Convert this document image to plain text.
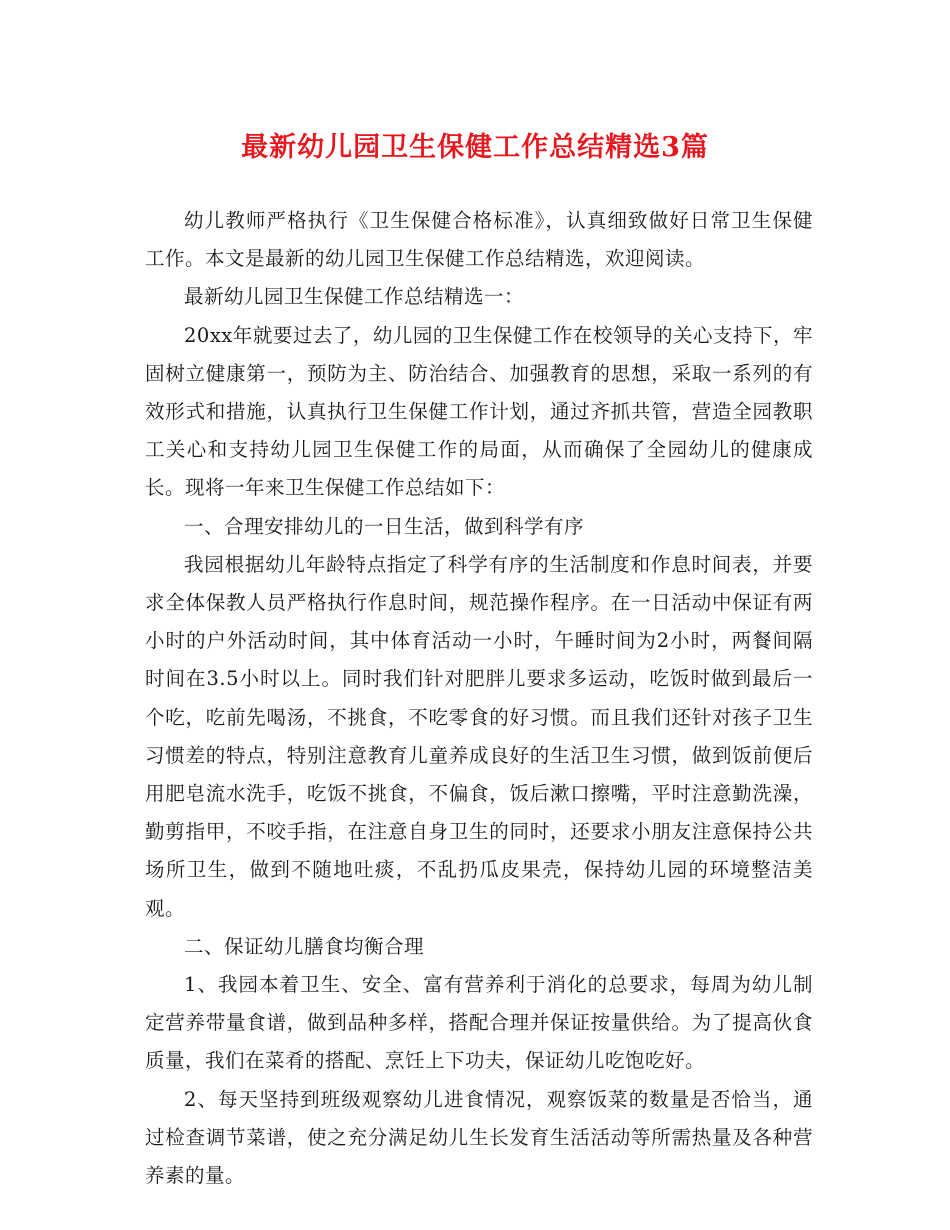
最新幼儿园卫生保健工作总结精选3篇

幼儿教师严格执行《卫生保健合格标准》，认真细致做好日常卫生保健工作。本文是最新的幼儿园卫生保健工作总结精选，欢迎阅读。

最新幼儿园卫生保健工作总结精选一：

20xx年就要过去了，幼儿园的卫生保健工作在校领导的关心支持下，牢固树立健康第一，预防为主、防治结合、加强教育的思想，采取一系列的有效形式和措施，认真执行卫生保健工作计划，通过齐抓共管，营造全园教职工关心和支持幼儿园卫生保健工作的局面，从而确保了全园幼儿的健康成长。现将一年来卫生保健工作总结如下：

一、合理安排幼儿的一日生活，做到科学有序

我园根据幼儿年龄特点指定了科学有序的生活制度和作息时间表，并要求全体保教人员严格执行作息时间，规范操作程序。在一日活动中保证有两小时的户外活动时间，其中体育活动一小时，午睡时间为2小时，两餐间隔时间在3.5小时以上。同时我们针对肥胖儿要求多运动，吃饭时做到最后一个吃，吃前先喝汤，不挑食，不吃零食的好习惯。而且我们还针对孩子卫生习惯差的特点，特别注意教育儿童养成良好的生活卫生习惯，做到饭前便后用肥皂流水洗手，吃饭不挑食，不偏食，饭后漱口擦嘴，平时注意勤洗澡，勤剪指甲，不咬手指，在注意自身卫生的同时，还要求小朋友注意保持公共场所卫生，做到不随地吐痰，不乱扔瓜皮果壳，保持幼儿园的环境整洁美观。

二、保证幼儿膳食均衡合理

1、我园本着卫生、安全、富有营养利于消化的总要求，每周为幼儿制定营养带量食谱，做到品种多样，搭配合理并保证按量供给。为了提高伙食质量，我们在菜肴的搭配、烹饪上下功夫，保证幼儿吃饱吃好。

2、每天坚持到班级观察幼儿进食情况，观察饭菜的数量是否恰当，通过检查调节菜谱，使之充分满足幼儿生长发育生活活动等所需热量及各种营养素的量。
